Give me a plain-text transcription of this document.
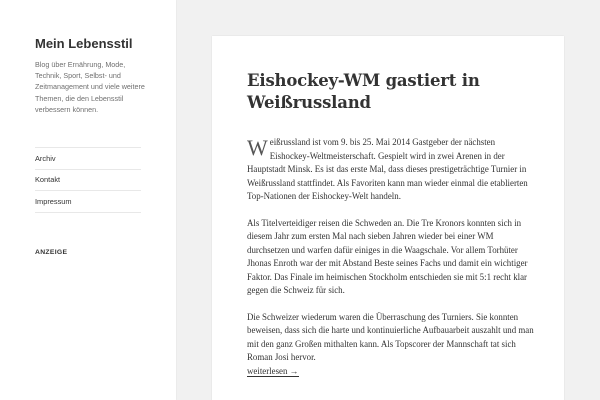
Mein Lebensstil

Blog über Ernährung, Mode, Technik, Sport, Selbst- und Zeitmanagement und viele weitere Themen, die den Lebensstil verbessern können.

Archiv
Kontakt
Impressum
ANZEIGE
Eishockey-WM gastiert in Weißrussland

Weißrussland ist vom 9. bis 25. Mai 2014 Gastgeber der nächsten Eishockey-Weltmeisterschaft. Gespielt wird in zwei Arenen in der Hauptstadt Minsk. Es ist das erste Mal, dass dieses prestigeträchtige Turnier in Weißrussland stattfindet. Als Favoriten kann man wieder einmal die etablierten Top-Nationen der Eishockey-Welt handeln.

Als Titelverteidiger reisen die Schweden an. Die Tre Kronors konnten sich in diesem Jahr zum ersten Mal nach sieben Jahren wieder bei einer WM durchsetzen und warfen dafür einiges in die Waagschale. Vor allem Torhüter Jhonas Enroth war der mit Abstand Beste seines Fachs und damit ein wichtiger Faktor. Das Finale im heimischen Stockholm entschieden sie mit 5:1 recht klar gegen die Schweiz für sich.

Die Schweizer wiederum waren die Überraschung des Turniers. Sie konnten beweisen, dass sich die harte und kontinuierliche Aufbauarbeit auszahlt und man mit den ganz Großen mithalten kann. Als Topscorer der Mannschaft tat sich Roman Josi hervor.
weiterlesen →
